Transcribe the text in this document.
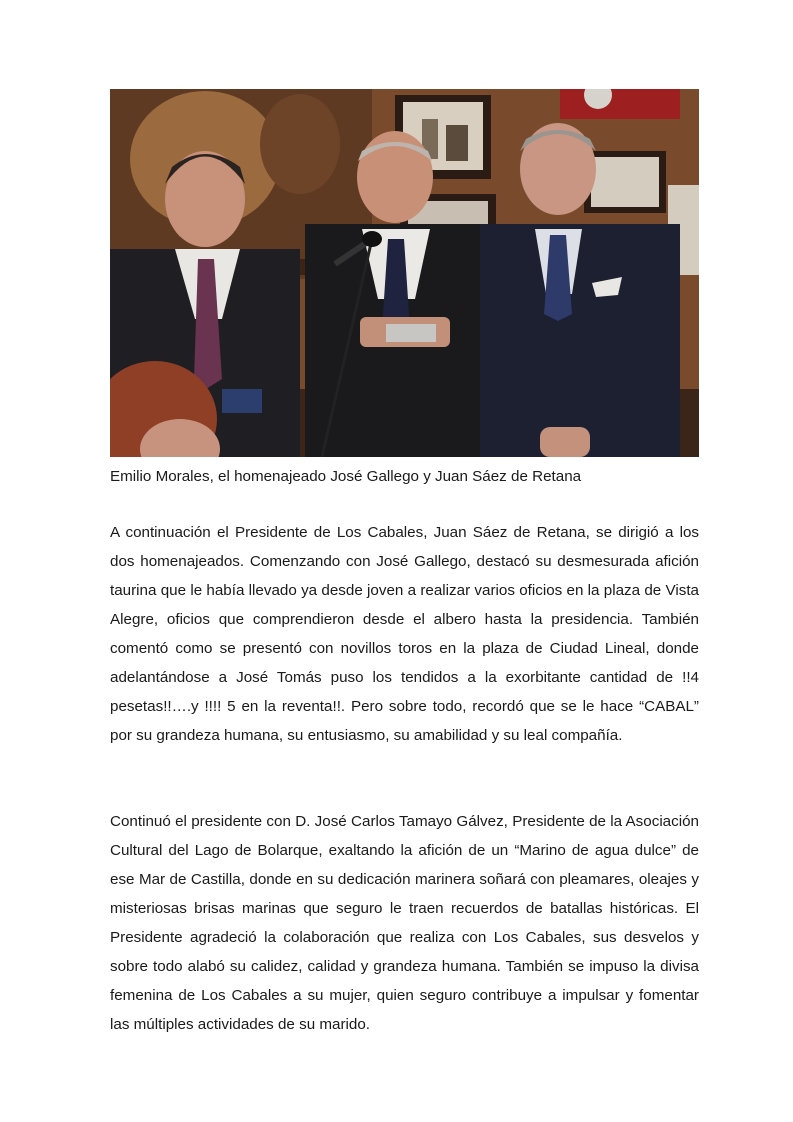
Emilio Morales, el homenajeado José Gallego y Juan Sáez de Retana

A continuación el Presidente de Los Cabales, Juan Sáez de Retana, se dirigió a los dos homenajeados. Comenzando con José Gallego, destacó su desmesurada afición taurina que le había llevado ya desde joven a realizar varios oficios en la plaza de Vista Alegre, oficios que comprendieron desde el albero hasta la presidencia. También comentó como se presentó con novillos toros en la plaza de Ciudad Lineal, donde adelantándose a José Tomás puso los tendidos a la exorbitante cantidad de !!4 pesetas!!….y !!!! 5 en la reventa!!. Pero sobre todo, recordó que se le hace “CABAL” por su grandeza humana, su entusiasmo, su amabilidad y su leal compañía.

Continuó el presidente con D. José Carlos Tamayo Gálvez, Presidente de la Asociación Cultural del Lago de Bolarque, exaltando la afición de un “Marino de agua dulce” de ese Mar de Castilla, donde en su dedicación marinera soñará con pleamares, oleajes y misteriosas brisas marinas que seguro le traen recuerdos de batallas históricas. El Presidente agradeció la colaboración que realiza con Los Cabales, sus desvelos y sobre todo alabó su calidez, calidad y grandeza humana. También se impuso la divisa femenina de Los Cabales a su mujer, quien seguro contribuye a impulsar y fomentar las múltiples actividades de su marido.
